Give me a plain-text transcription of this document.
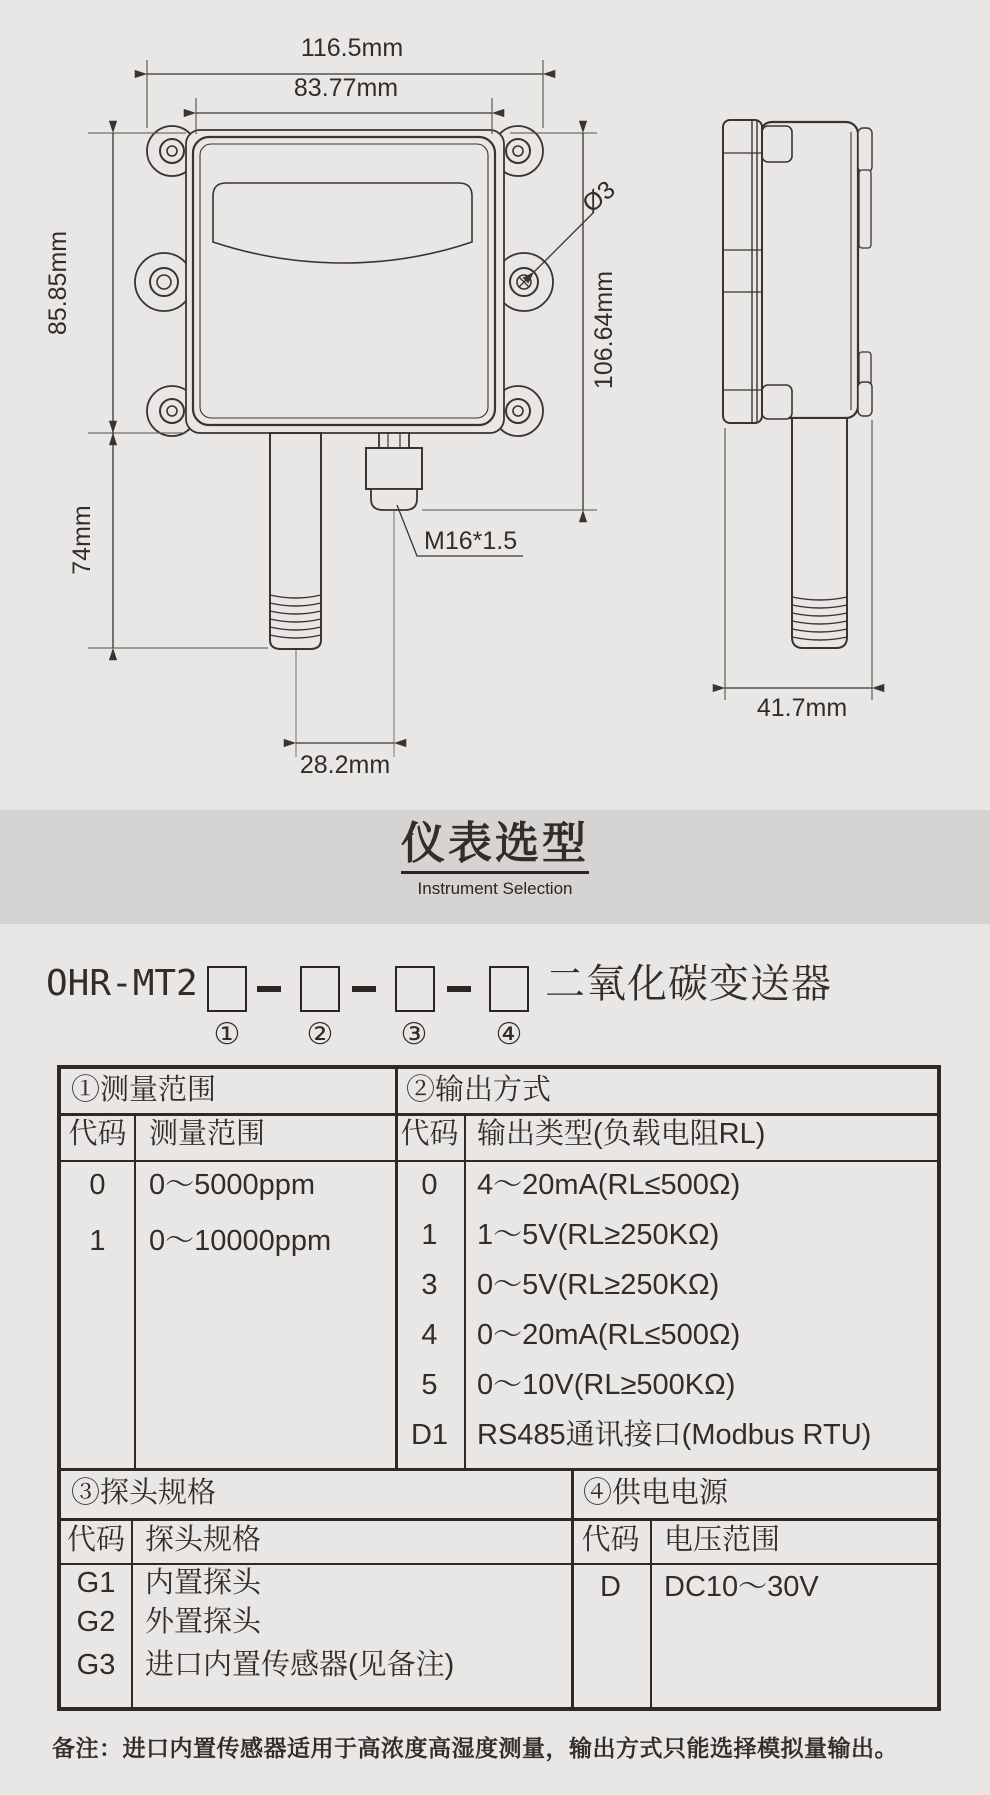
116.5mm
83.77mm
85.85mm
74mm
106.64mm
Ø3
M16*1.5
28.2mm
41.7mm
仪表选型
Instrument Selection
OHR-MT2	二氧化碳变送器
① ② ③ ④
①测量范围
代码 测量范围
0	0～5000ppm
1	0～10000ppm
②输出方式
代码 输出类型(负载电阻RL)
0	4～20mA(RL≤500Ω)
1	1～5V(RL≥250KΩ)
3	0～5V(RL≥250KΩ)
4	0～20mA(RL≤500Ω)
5	0～10V(RL≥500KΩ)
D1 RS485通讯接口(Modbus RTU)
③探头规格
代码 探头规格
G1	内置探头
G2	外置探头
G3	进口内置传感器(见备注)
④供电电源
代码 电压范围
D	DC10～30V
备注：进口内置传感器适用于高浓度高湿度测量，输出方式只能选择模拟量输出。
